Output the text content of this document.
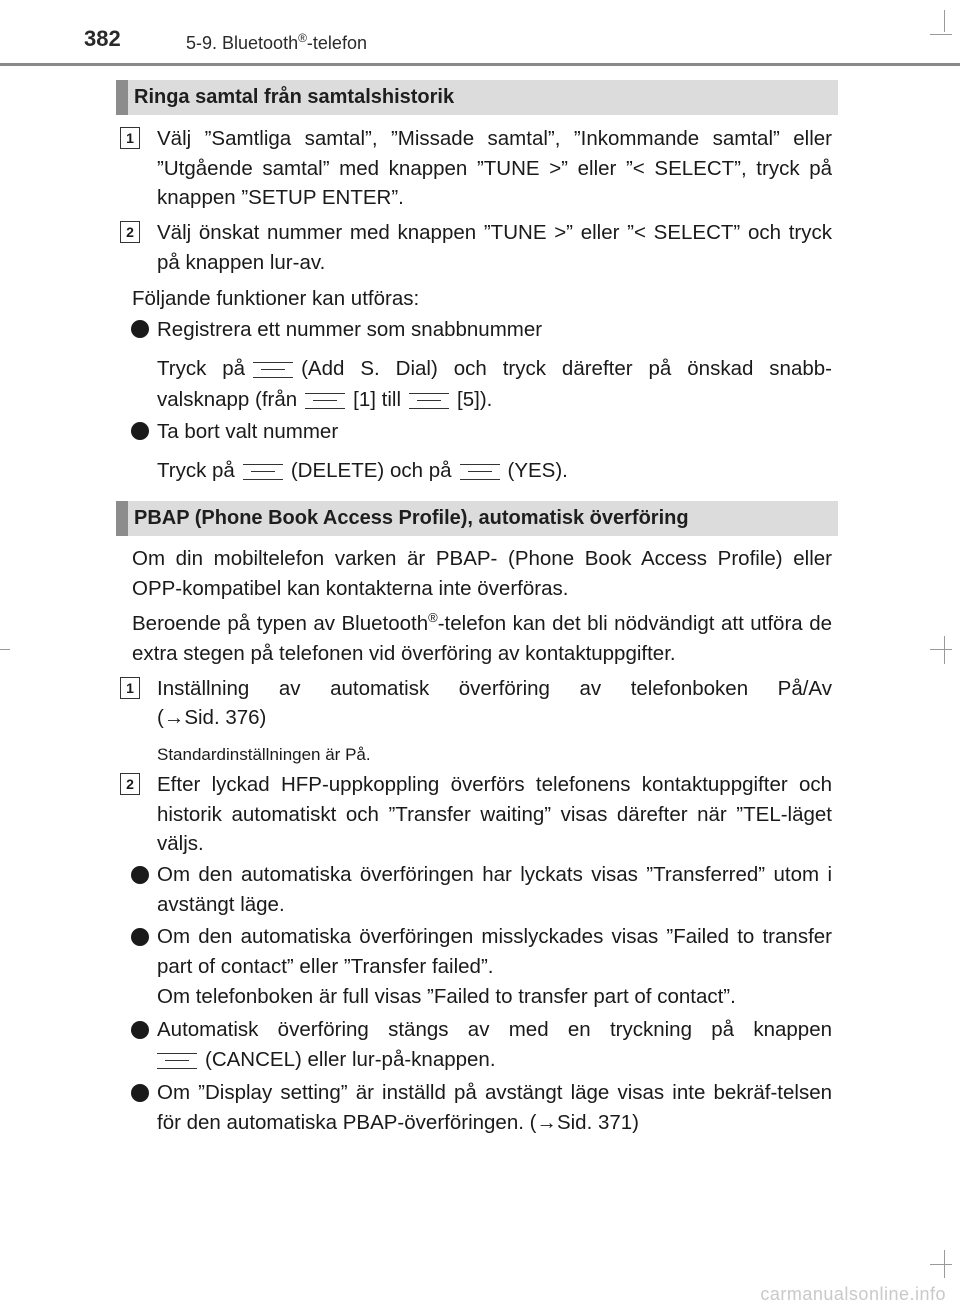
382	5-9. Bluetooth®-telefon
Ringa samtal från samtalshistorik
1 Välj ”Samtliga samtal”, ”Missade samtal”, ”Inkommande samtal” eller ”Utgående samtal” med knappen ”TUNE >” eller ”< SELECT”, tryck på knappen ”SETUP ENTER”.
2 Välj önskat nummer med knappen ”TUNE >” eller ”< SELECT” och tryck på knappen lur-av.
Följande funktioner kan utföras:
Registrera ett nummer som snabbnummer
Tryck på	(Add S. Dial) och tryck därefter på önskad snabb-
valsknapp (från	[1] till	[5]).
Ta bort valt nummer
Tryck på	(DELETE) och på	(YES).
PBAP (Phone Book Access Profile), automatisk överföring
Om din mobiltelefon varken är PBAP- (Phone Book Access Profile) eller OPP-kompatibel kan kontakterna inte överföras.
Beroende på typen av Bluetooth®-telefon kan det bli nödvändigt att utföra de extra stegen på telefonen vid överföring av kontaktuppgifter.
1 Inställning av automatisk överföring av telefonboken På/Av
(→Sid. 376)
Standardinställningen är På.
2 Efter lyckad HFP-uppkoppling överförs telefonens kontaktuppgifter och historik automatiskt och ”Transfer waiting” visas därefter när ”TEL-läget väljs.
Om den automatiska överföringen har lyckats visas ”Transferred” utom i avstängt läge.
Om den automatiska överföringen misslyckades visas ”Failed to transfer part of contact” eller ”Transfer failed”.
Om telefonboken är full visas ”Failed to transfer part of contact”.
Automatisk överföring stängs av med en tryckning på knappen
(CANCEL) eller lur-på-knappen.
Om ”Display setting” är inställd på avstängt läge visas inte bekräf-telsen för den automatiska PBAP-överföringen. (→Sid. 371)
carmanualsonline.info
